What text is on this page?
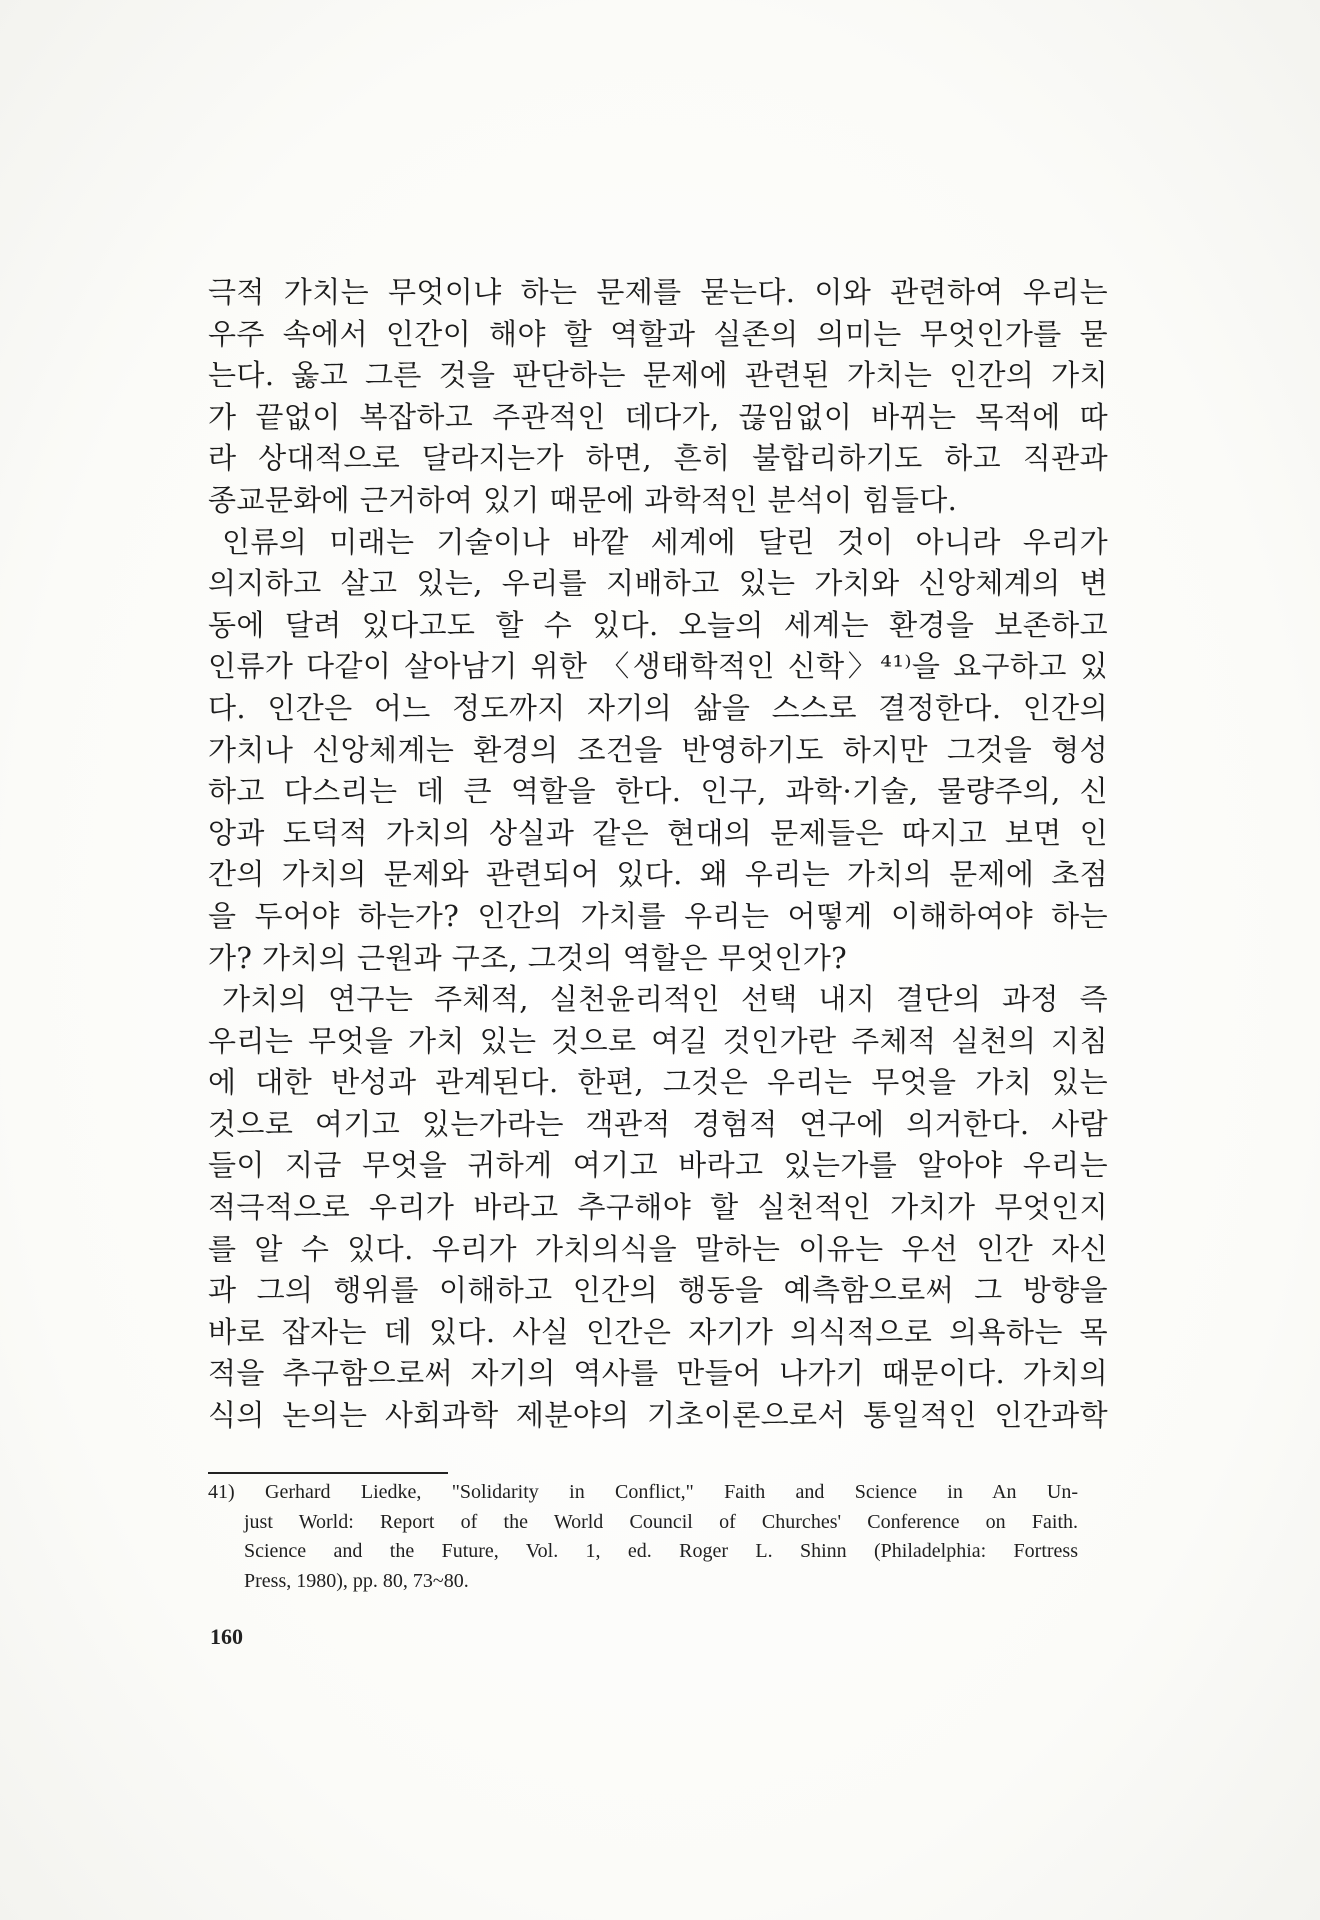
극적 가치는 무엇이냐 하는 문제를 묻는다. 이와 관련하여 우리는
우주 속에서 인간이 해야 할 역할과 실존의 의미는 무엇인가를 묻
는다. 옳고 그른 것을 판단하는 문제에 관련된 가치는 인간의 가치
가 끝없이 복잡하고 주관적인 데다가, 끊임없이 바뀌는 목적에 따
라 상대적으로 달라지는가 하면, 흔히 불합리하기도 하고 직관과
종교문화에 근거하여 있기 때문에 과학적인 분석이 힘들다.
인류의 미래는 기술이나 바깥 세계에 달린 것이 아니라 우리가
의지하고 살고 있는, 우리를 지배하고 있는 가치와 신앙체계의 변
동에 달려 있다고도 할 수 있다. 오늘의 세계는 환경을 보존하고
인류가 다같이 살아남기 위한 〈생태학적인 신학〉⁴¹⁾을 요구하고 있
다. 인간은 어느 정도까지 자기의 삶을 스스로 결정한다. 인간의
가치나 신앙체계는 환경의 조건을 반영하기도 하지만 그것을 형성
하고 다스리는 데 큰 역할을 한다. 인구, 과학·기술, 물량주의, 신
앙과 도덕적 가치의 상실과 같은 현대의 문제들은 따지고 보면 인
간의 가치의 문제와 관련되어 있다. 왜 우리는 가치의 문제에 초점
을 두어야 하는가? 인간의 가치를 우리는 어떻게 이해하여야 하는
가? 가치의 근원과 구조, 그것의 역할은 무엇인가?
가치의 연구는 주체적, 실천윤리적인 선택 내지 결단의 과정 즉
우리는 무엇을 가치 있는 것으로 여길 것인가란 주체적 실천의 지침
에 대한 반성과 관계된다. 한편, 그것은 우리는 무엇을 가치 있는
것으로 여기고 있는가라는 객관적 경험적 연구에 의거한다. 사람
들이 지금 무엇을 귀하게 여기고 바라고 있는가를 알아야 우리는
적극적으로 우리가 바라고 추구해야 할 실천적인 가치가 무엇인지
를 알 수 있다. 우리가 가치의식을 말하는 이유는 우선 인간 자신
과 그의 행위를 이해하고 인간의 행동을 예측함으로써 그 방향을
바로 잡자는 데 있다. 사실 인간은 자기가 의식적으로 의욕하는 목
적을 추구함으로써 자기의 역사를 만들어 나가기 때문이다. 가치의
식의 논의는 사회과학 제분야의 기초이론으로서 통일적인 인간과학
41) Gerhard Liedke, "Solidarity in Conflict," Faith and Science in An Un-
just World: Report of the World Council of Churches' Conference on Faith.
Science and the Future, Vol. 1, ed. Roger L. Shinn (Philadelphia: Fortress
Press, 1980), pp. 80, 73~80.
160
